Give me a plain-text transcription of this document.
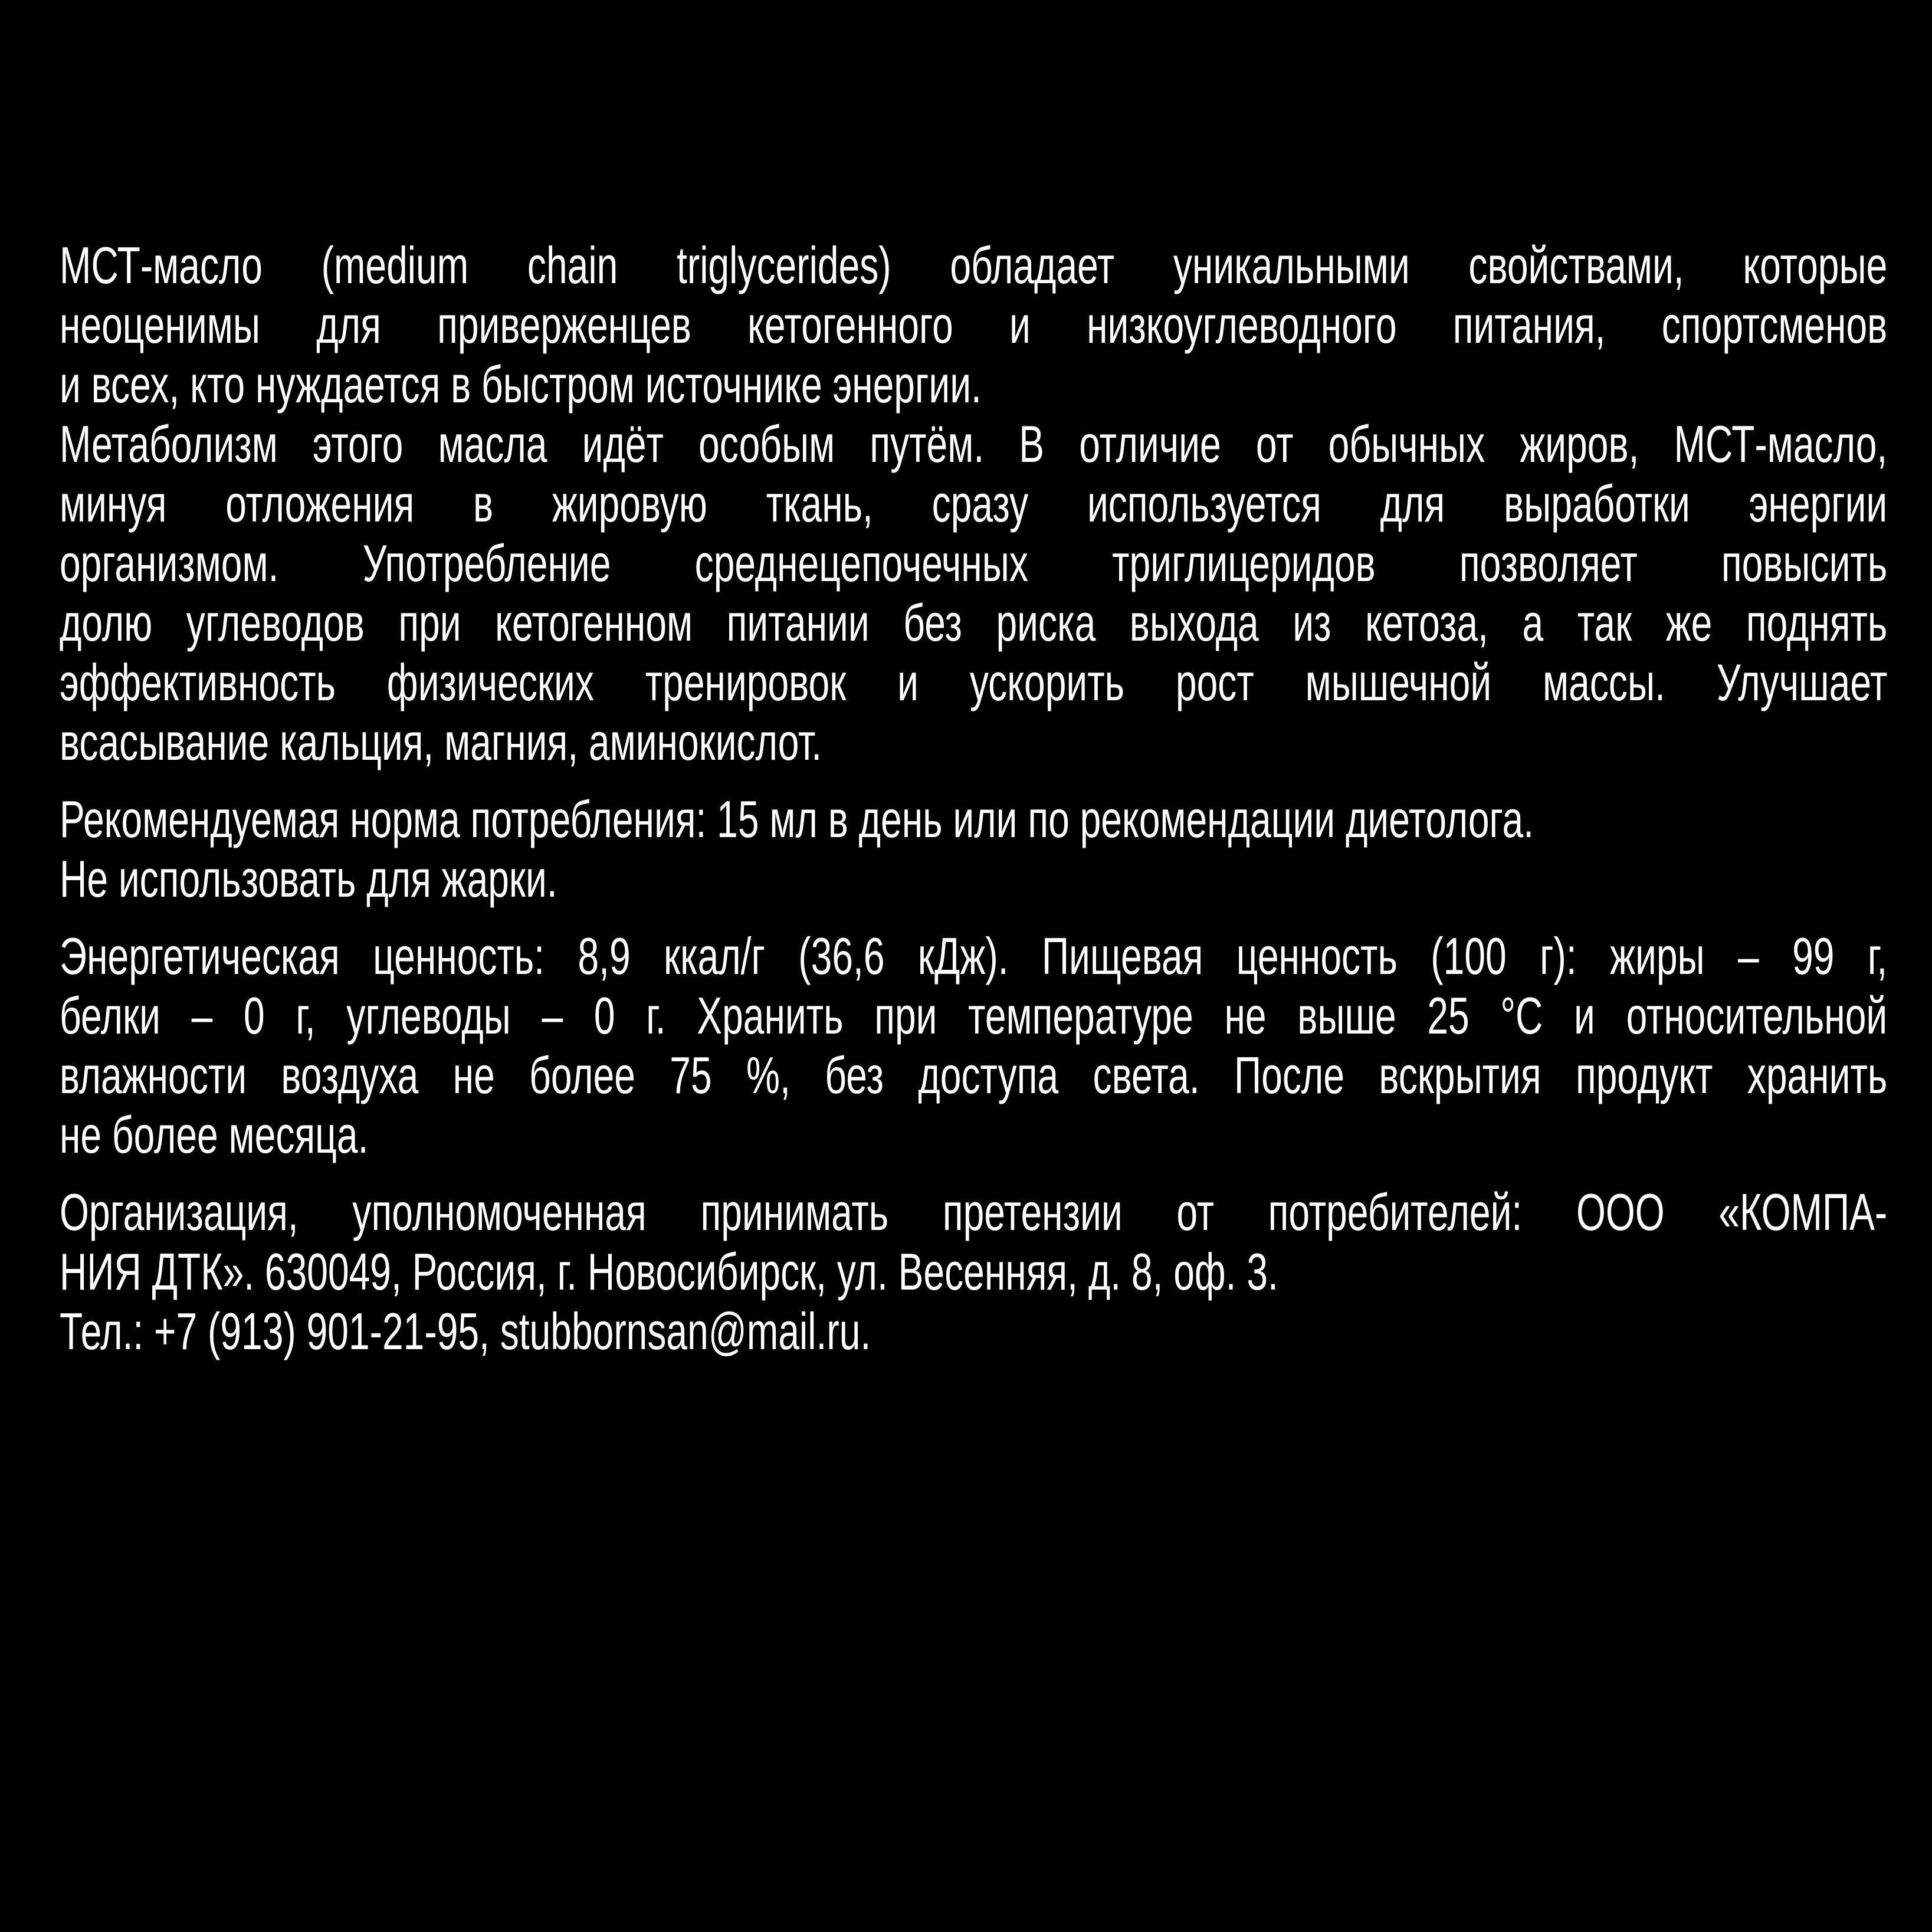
МСТ-масло (medium chain triglycerides) обладает уникальными свойствами, которые
неоценимы для приверженцев кетогенного и низкоуглеводного питания, спортсменов
и всех, кто нуждается в быстром источнике энергии.
Метаболизм этого масла идёт особым путём. В отличие от обычных жиров, МСТ-масло,
минуя отложения в жировую ткань, сразу используется для выработки энергии
организмом. Употребление среднецепочечных триглицеридов позволяет повысить
долю углеводов при кетогенном питании без риска выхода из кетоза, а так же поднять
эффективность физических тренировок и ускорить рост мышечной массы. Улучшает
всасывание кальция, магния, аминокислот.
Рекомендуемая норма потребления: 15 мл в день или по рекомендации диетолога.
Не использовать для жарки.
Энергетическая ценность: 8,9 ккал/г (36,6 кДж). Пищевая ценность (100 г): жиры – 99 г,
белки – 0 г, углеводы – 0 г. Хранить при температуре не выше 25 °С и относительной
влажности воздуха не более 75 %, без доступа света. После вскрытия продукт хранить
не более месяца.
Организация, уполномоченная принимать претензии от потребителей: ООО «КОМПА-
НИЯ ДТК». 630049, Россия, г. Новосибирск, ул. Весенняя, д. 8, оф. 3.
Тел.: +7 (913) 901-21-95, stubbornsan@mail.ru.
